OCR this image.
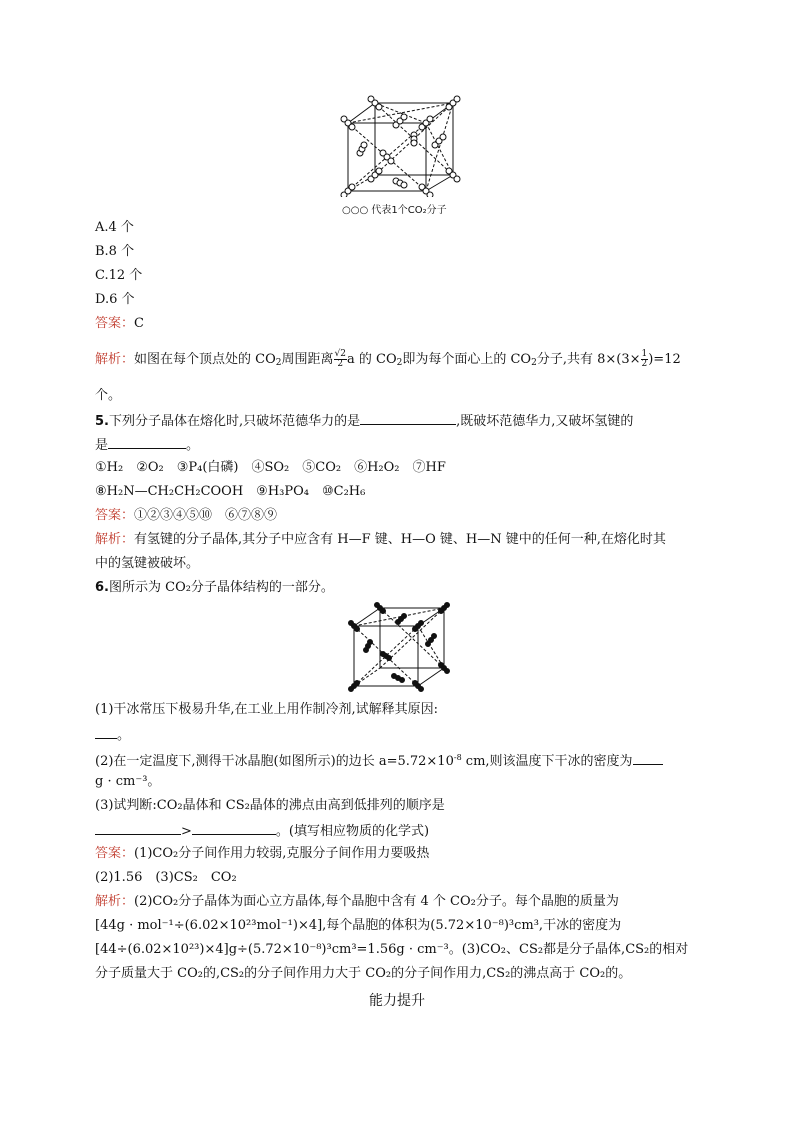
○○○ 代表1个CO₂分子
A.4 个
B.8 个
C.12 个
D.6 个
答案：C
解析：如图在每个顶点处的 $CO_2$周围距离 $\frac{√2}{2}$ a 的 $CO_2$即为每个面心上的 $CO_2$分子,共有 $8\times(3\times \frac{1}{2} )=12$
个。
5.下列分子晶体在熔化时,只破坏范德华力的是	,既破坏范德华力,又破坏氢键的
是	。
①H₂　②O₂　③P₄(白磷)　④SO₂　⑤CO₂　⑥H₂O₂　⑦HF
⑧H₂N—CH₂CH₂COOH　⑨H₃PO₄　⑩C₂H₆
答案：①②③④⑤⑩　⑥⑦⑧⑨
解析：有氢键的分子晶体,其分子中应含有 H—F 键、H—O 键、H—N 键中的任何一种,在熔化时其
中的氢键被破坏。
6.图所示为 CO₂分子晶体结构的一部分。
(1)干冰常压下极易升华,在工业上用作制冷剂,试解释其原因:
。
(2)在一定温度下,测得干冰晶胞(如图所示)的边长 $a=5.72\times 10^{-8}$ cm,则该温度下干冰的密度为
g · cm⁻³。
(3)试判断:CO₂晶体和 CS₂晶体的沸点由高到低排列的顺序是
>	。(填写相应物质的化学式)
答案：(1)CO₂分子间作用力较弱,克服分子间作用力要吸热
(2)1.56　(3)CS₂　CO₂
解析：(2)CO₂分子晶体为面心立方晶体,每个晶胞中含有 4 个 CO₂分子。每个晶胞的质量为
[44g · mol⁻¹÷(6.02×10²³mol⁻¹)×4],每个晶胞的体积为(5.72×10⁻⁸)³cm³,干冰的密度为
[44÷(6.02×10²³)×4]g÷(5.72×10⁻⁸)³cm³=1.56g · cm⁻³。(3)CO₂、CS₂都是分子晶体,CS₂的相对
分子质量大于 CO₂的,CS₂的分子间作用力大于 CO₂的分子间作用力,CS₂的沸点高于 CO₂的。
能力提升
